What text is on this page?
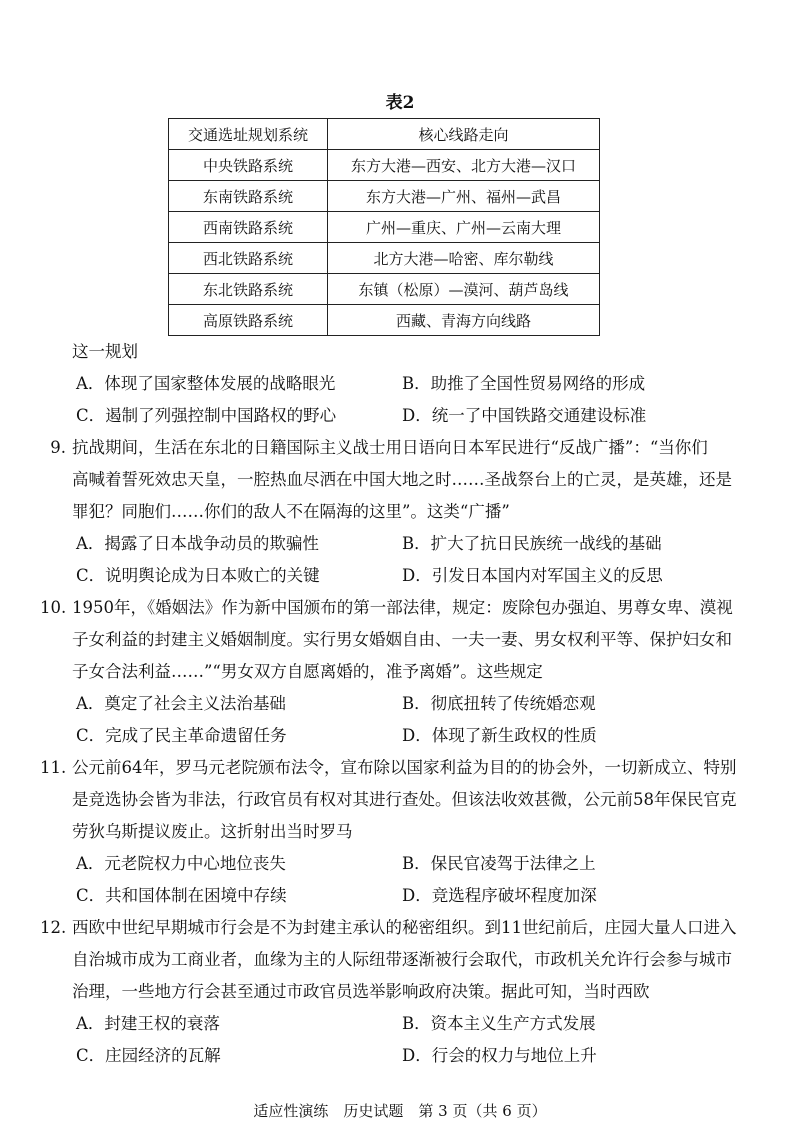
表2
交通选址规划系统	核心线路走向
中央铁路系统	东方大港—西安、北方大港—汉口
东南铁路系统	东方大港—广州、福州—武昌
西南铁路系统	广州—重庆、广州—云南大理
西北铁路系统	北方大港—哈密、库尔勒线
东北铁路系统	东镇（松原）—漠河、葫芦岛线
高原铁路系统	西藏、青海方向线路
这一规划
A．体现了国家整体发展的战略眼光	B．助推了全国性贸易网络的形成
C．遏制了列强控制中国路权的野心	D．统一了中国铁路交通建设标准
9. 抗战期间，生活在东北的日籍国际主义战士用日语向日本军民进行“反战广播”：“当你们
高喊着誓死效忠天皇，一腔热血尽洒在中国大地之时……圣战祭台上的亡灵，是英雄，还是
罪犯？同胞们……你们的敌人不在隔海的这里”。这类“广播”
A．揭露了日本战争动员的欺骗性	B．扩大了抗日民族统一战线的基础
C．说明舆论成为日本败亡的关键	D．引发日本国内对军国主义的反思
10. 1950年，《婚姻法》作为新中国颁布的第一部法律，规定：废除包办强迫、男尊女卑、漠视
子女利益的封建主义婚姻制度。实行男女婚姻自由、一夫一妻、男女权利平等、保护妇女和
子女合法利益……”“男女双方自愿离婚的，准予离婚”。这些规定
A．奠定了社会主义法治基础	B．彻底扭转了传统婚恋观
C．完成了民主革命遗留任务	D．体现了新生政权的性质
11. 公元前64年，罗马元老院颁布法令，宣布除以国家利益为目的的协会外，一切新成立、特别
是竞选协会皆为非法，行政官员有权对其进行查处。但该法收效甚微，公元前58年保民官克
劳狄乌斯提议废止。这折射出当时罗马
A．元老院权力中心地位丧失	B．保民官凌驾于法律之上
C．共和国体制在困境中存续	D．竞选程序破坏程度加深
12. 西欧中世纪早期城市行会是不为封建主承认的秘密组织。到11世纪前后，庄园大量人口进入
自治城市成为工商业者，血缘为主的人际纽带逐渐被行会取代，市政机关允许行会参与城市
治理，一些地方行会甚至通过市政官员选举影响政府决策。据此可知，当时西欧
A．封建王权的衰落	B．资本主义生产方式发展
C．庄园经济的瓦解	D．行会的权力与地位上升
适应性演练　历史试题　第 3 页（共 6 页）
